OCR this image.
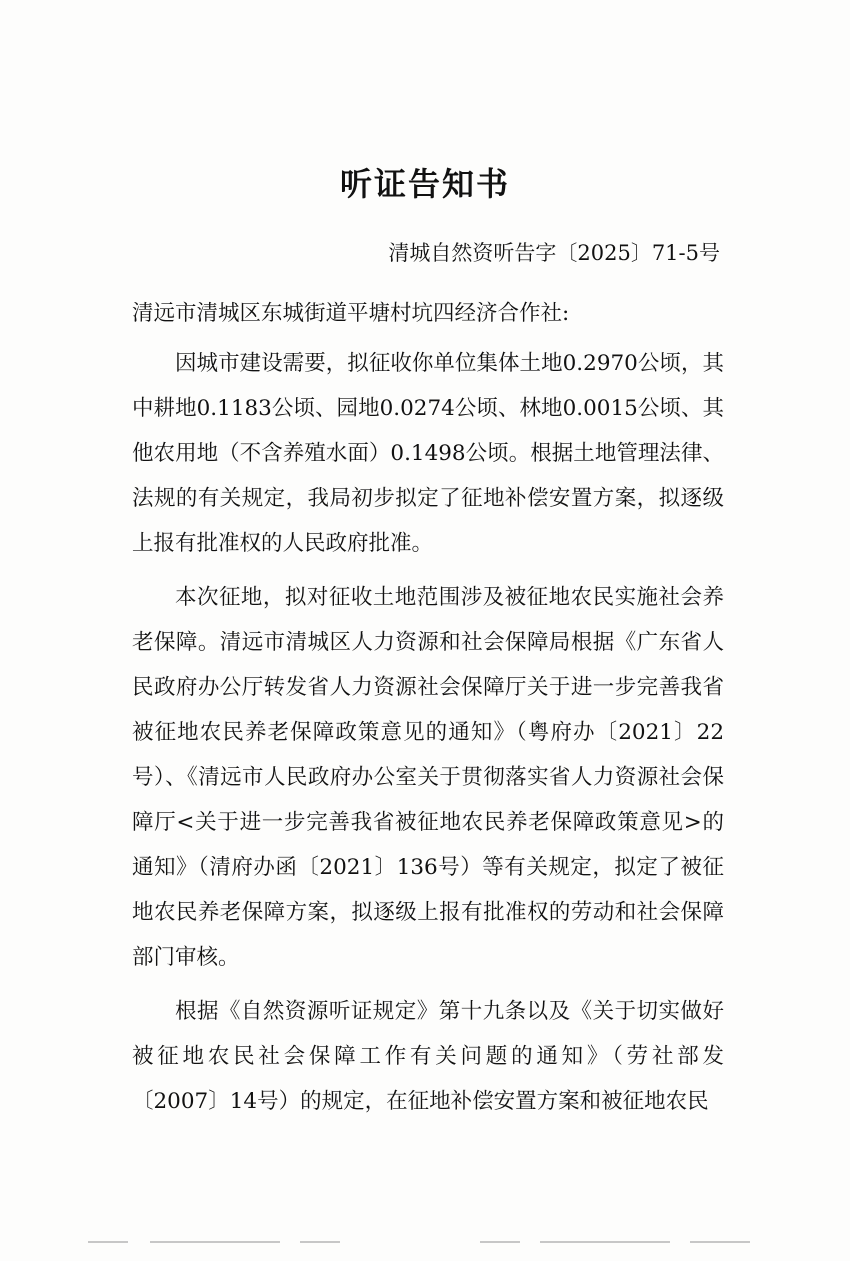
听证告知书
清城自然资听告字〔2025〕71-5号

清远市清城区东城街道平塘村坑四经济合作社:

因城市建设需要，拟征收你单位集体土地0.2970公顷，其中耕地0.1183公顷、园地0.0274公顷、林地0.0015公顷、其他农用地（不含养殖水面）0.1498公顷。根据土地管理法律、法规的有关规定，我局初步拟定了征地补偿安置方案，拟逐级上报有批准权的人民政府批准。

本次征地，拟对征收土地范围涉及被征地农民实施社会养老保障。清远市清城区人力资源和社会保障局根据《广东省人民政府办公厅转发省人力资源社会保障厅关于进一步完善我省被征地农民养老保障政策意见的通知》（粤府办〔2021〕22号）、《清远市人民政府办公室关于贯彻落实省人力资源社会保障厅<关于进一步完善我省被征地农民养老保障政策意见>的通知》（清府办函〔2021〕136号）等有关规定，拟定了被征地农民养老保障方案，拟逐级上报有批准权的劳动和社会保障部门审核。

根据《自然资源听证规定》第十九条以及《关于切实做好被征地农民社会保障工作有关问题的通知》（劳社部发〔2007〕14号）的规定，在征地补偿安置方案和被征地农民
